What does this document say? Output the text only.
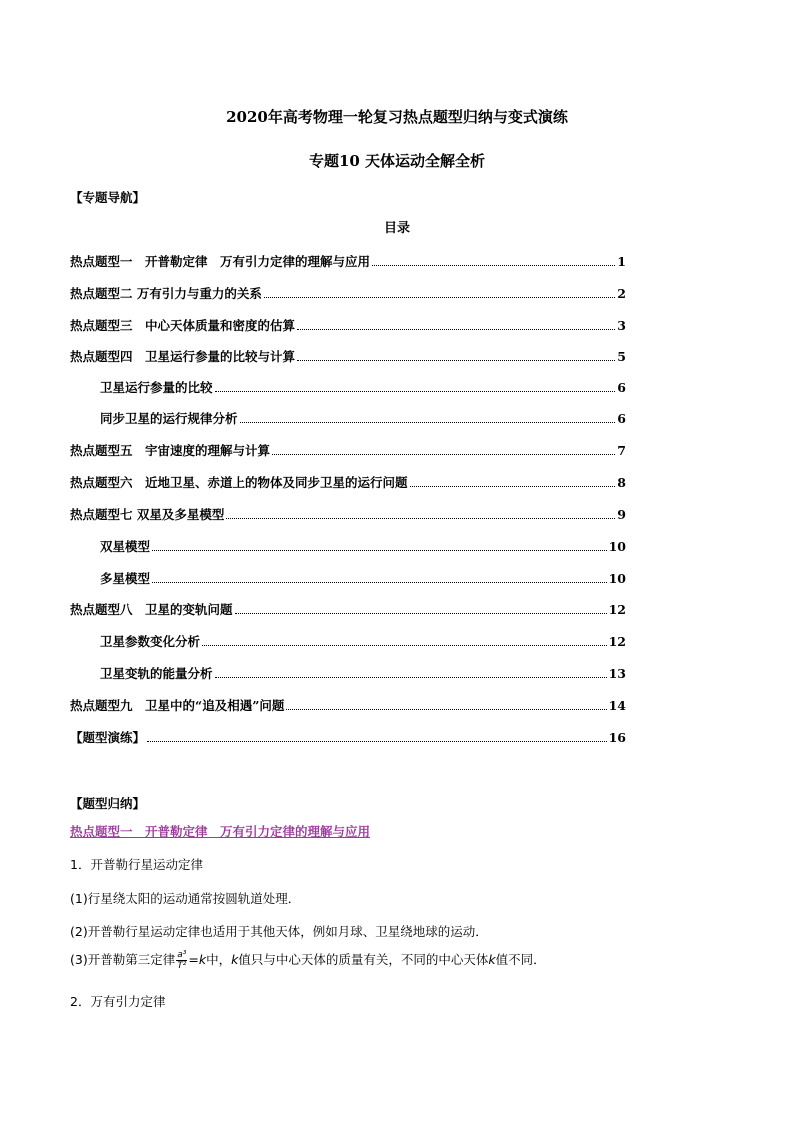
2020年高考物理一轮复习热点题型归纳与变式演练
专题10 天体运动全解全析
【专题导航】
目录
热点题型一　开普勒定律　万有引力定律的理解与应用	1
热点题型二 万有引力与重力的关系	2
热点题型三　中心天体质量和密度的估算	3
热点题型四　卫星运行参量的比较与计算	5
卫星运行参量的比较	6
同步卫星的运行规律分析	6
热点题型五　宇宙速度的理解与计算	7
热点题型六　近地卫星、赤道上的物体及同步卫星的运行问题	8
热点题型七 双星及多星模型	9
双星模型	10
多星模型	10
热点题型八　卫星的变轨问题	12
卫星参数变化分析	12
卫星变轨的能量分析	13
热点题型九　卫星中的“追及相遇”问题	14
【题型演练】	16
【题型归纳】
热点题型一　开普勒定律　万有引力定律的理解与应用
1．开普勒行星运动定律
(1)行星绕太阳的运动通常按圆轨道处理．
(2)开普勒行星运动定律也适用于其他天体，例如月球、卫星绕地球的运动．
(3)开普勒第三定律 $\frac{\text{a³}}{\text{T²}} =k$中，k值只与中心天体的质量有关，不同的中心天体k值不同．
2．万有引力定律
